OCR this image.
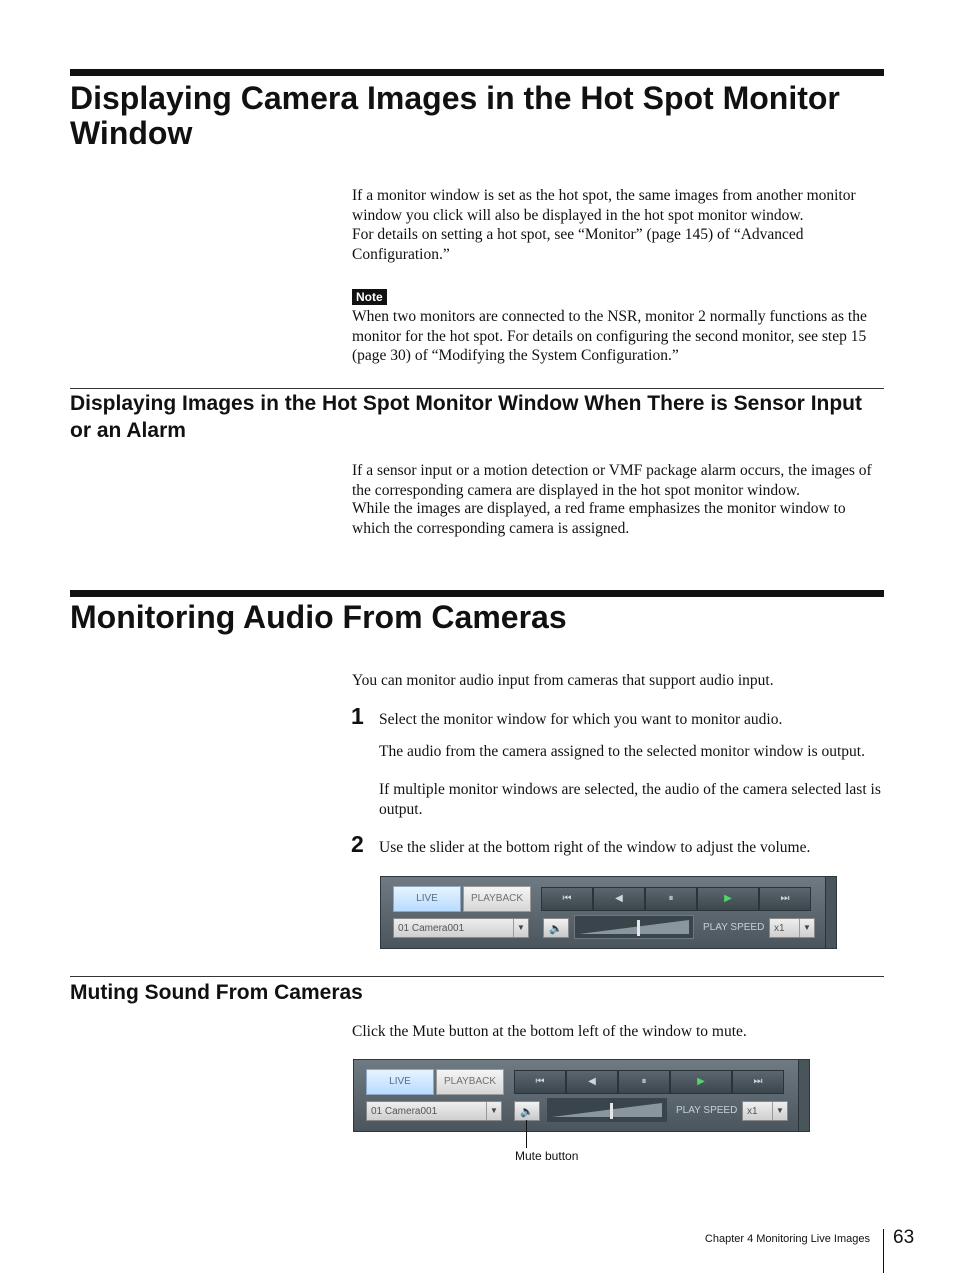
Displaying Camera Images in the Hot Spot Monitor Window

If a monitor window is set as the hot spot, the same images from another monitor window you click will also be displayed in the hot spot monitor window.

For details on setting a hot spot, see “Monitor” (page 145) of “Advanced Configuration.”

Note

When two monitors are connected to the NSR, monitor 2 normally functions as the monitor for the hot spot. For details on configuring the second monitor, see step 15 (page 30) of “Modifying the System Configuration.”

Displaying Images in the Hot Spot Monitor Window When There is Sensor Input or an Alarm

If a sensor input or a motion detection or VMF package alarm occurs, the images of the corresponding camera are displayed in the hot spot monitor window.

While the images are displayed, a red frame emphasizes the monitor window to which the corresponding camera is assigned.

Monitoring Audio From Cameras

You can monitor audio input from cameras that support audio input.

1 Select the monitor window for which you want to monitor audio.

The audio from the camera assigned to the selected monitor window is output.

If multiple monitor windows are selected, the audio of the camera selected last is output.

2 Use the slider at the bottom right of the window to adjust the volume.

LIVE	PLAYBACK	⏮	◀	⏸	▶	⏭
01 Camera001	▼	🔈	PLAY SPEED x1	▼
Muting Sound From Cameras

Click the Mute button at the bottom left of the window to mute.

LIVE	PLAYBACK	⏮	◀	⏸	▶	⏭
01 Camera001	▼	🔈	PLAY SPEED x1	▼
Mute button
Chapter 4 Monitoring Live Images 63
